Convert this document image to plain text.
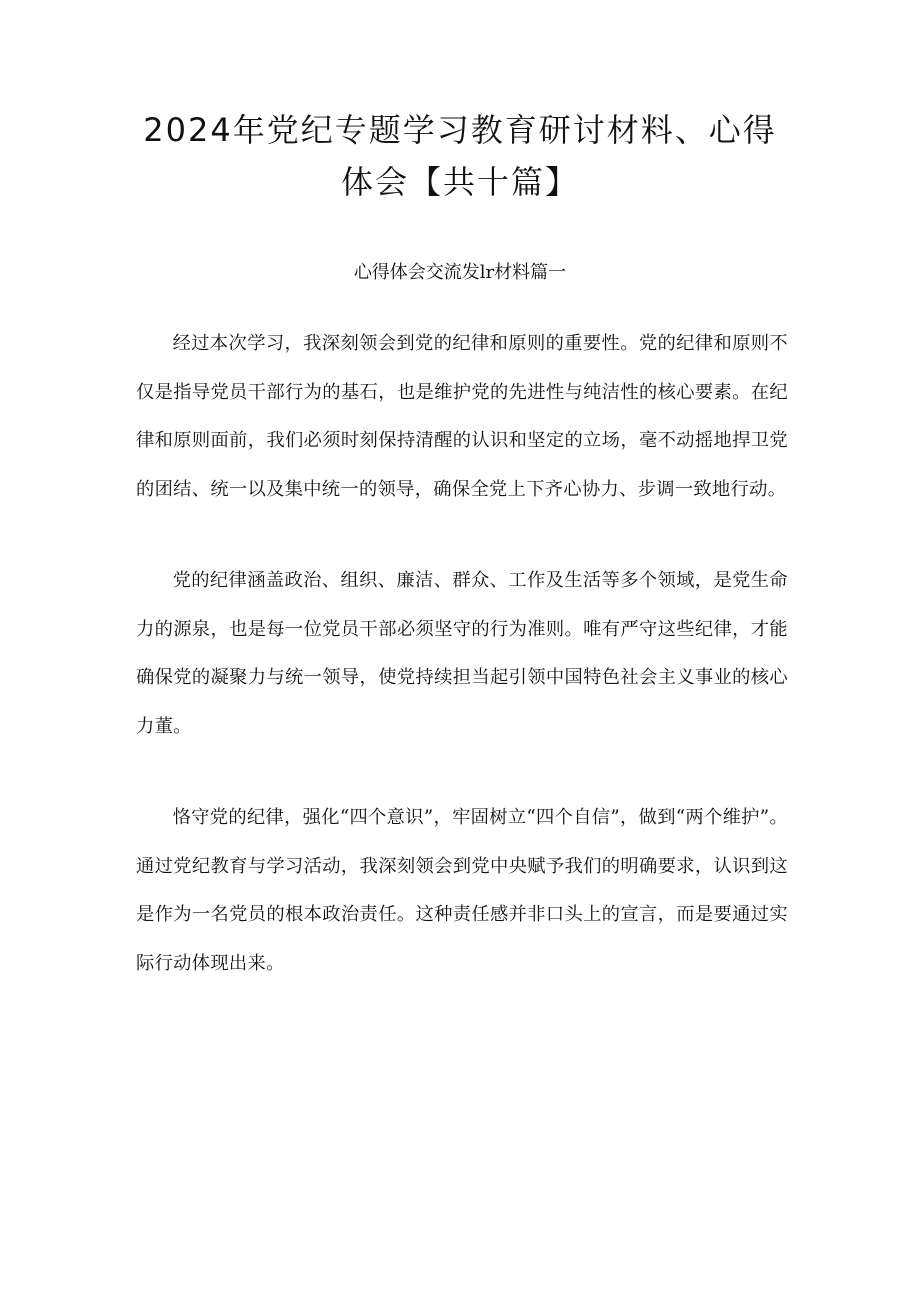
2024年党纪专题学习教育研讨材料、心得
体会【共十篇】

心得体会交流发lr材料篇一

经过本次学习，我深刻领会到党的纪律和原则的重要性。党的纪律和原则不仅是指导党员干部行为的基石，也是维护党的先进性与纯洁性的核心要素。在纪律和原则面前，我们必须时刻保持清醒的认识和坚定的立场，毫不动摇地捍卫党的团结、统一以及集中统一的领导，确保全党上下齐心协力、步调一致地行动。

党的纪律涵盖政治、组织、廉洁、群众、工作及生活等多个领域，是党生命力的源泉，也是每一位党员干部必须坚守的行为准则。唯有严守这些纪律，才能确保党的凝聚力与统一领导，使党持续担当起引领中国特色社会主义事业的核心力董。

恪守党的纪律，强化“四个意识”，牢固树立“四个自信”，做到“两个维护”。通过党纪教育与学习活动，我深刻领会到党中央赋予我们的明确要求，认识到这是作为一名党员的根本政治责任。这种责任感并非口头上的宣言，而是要通过实际行动体现出来。
